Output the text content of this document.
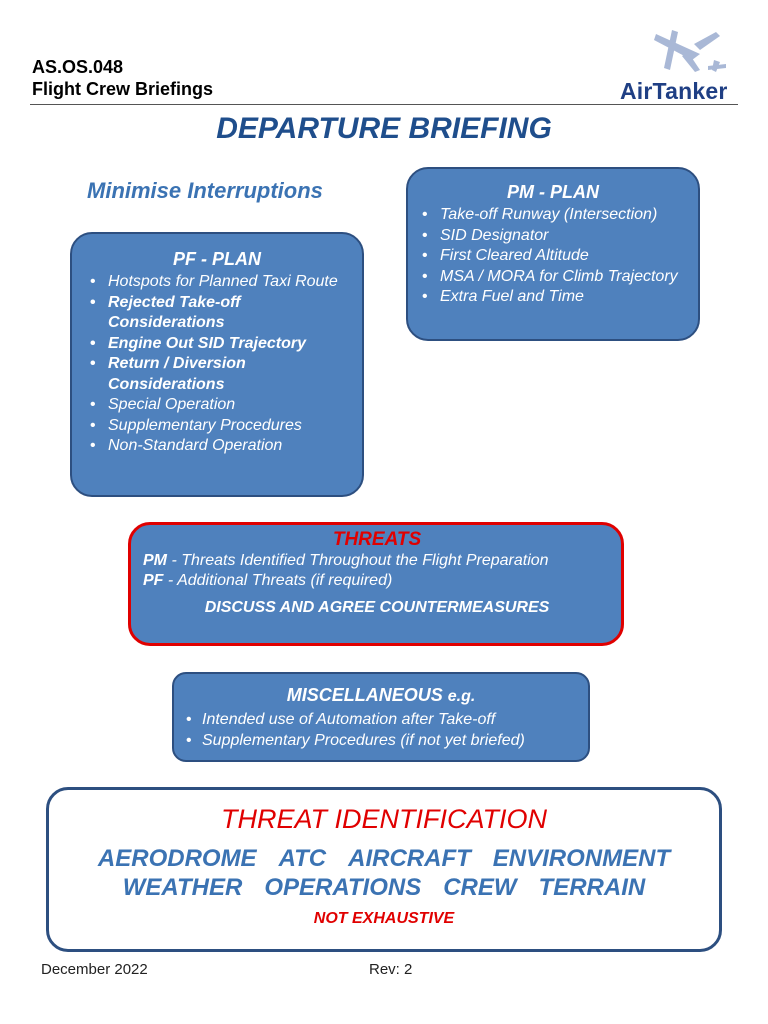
AS.OS.048
Flight Crew Briefings	AirTanker
DEPARTURE BRIEFING
Minimise Interruptions	PM - PLAN
• Take-off Runway (Intersection)
• SID Designator
• First Cleared Altitude
• MSA / MORA for Climb Trajectory
• Extra Fuel and Time
PF - PLAN
• Hotspots for Planned Taxi Route
• Rejected Take-off Considerations
• Engine Out SID Trajectory
• Return / Diversion Considerations
• Special Operation
• Supplementary Procedures
• Non-Standard Operation
THREATS
PM - Threats Identified Throughout the Flight Preparation
PF - Additional Threats (if required)
DISCUSS AND AGREE COUNTERMEASURES
MISCELLANEOUS e.g.
• Intended use of Automation after Take-off
• Supplementary Procedures (if not yet briefed)
THREAT IDENTIFICATION
AERODROME ATC AIRCRAFT ENVIRONMENT
WEATHER OPERATIONS CREW TERRAIN
NOT EXHAUSTIVE
December 2022	Rev: 2
